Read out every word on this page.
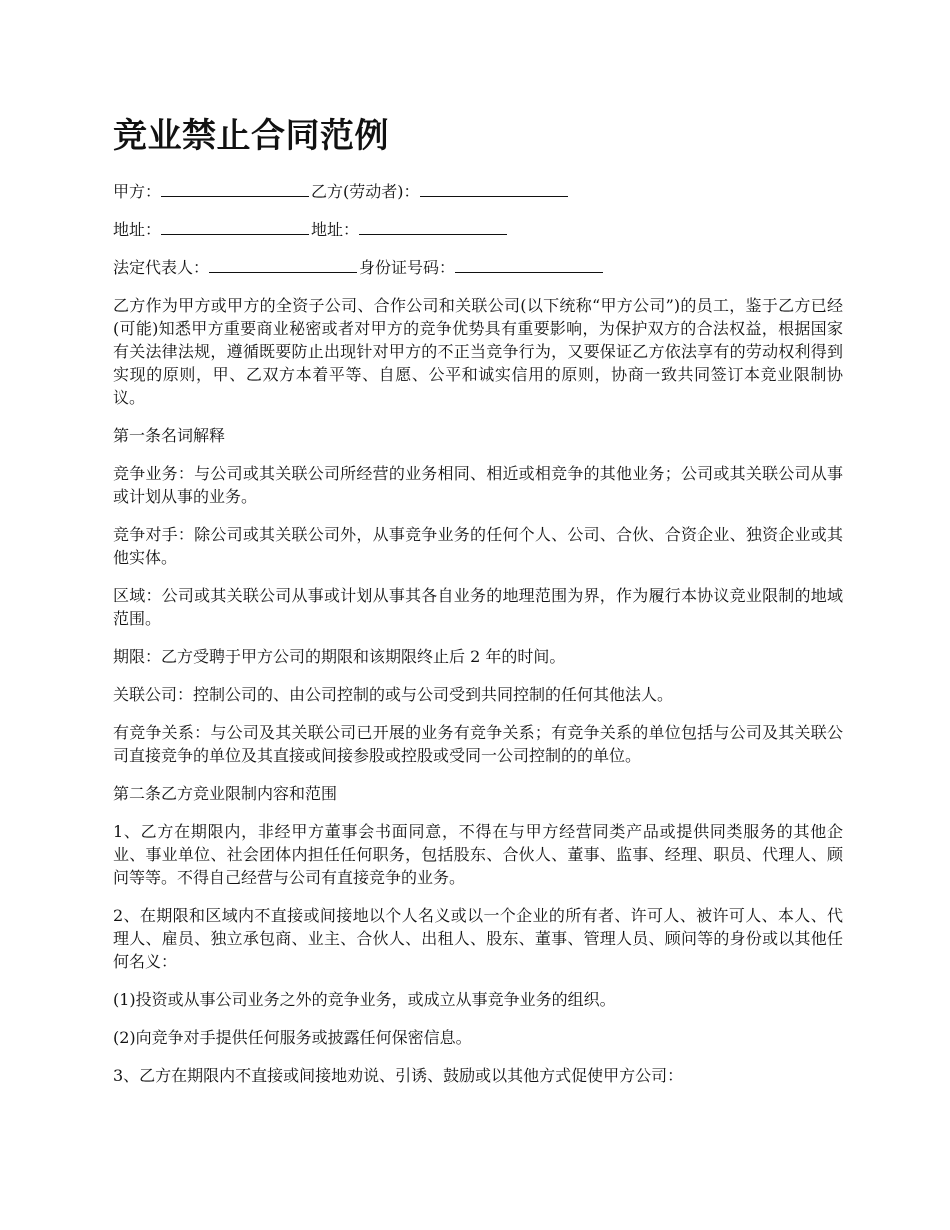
竞业禁止合同范例
甲方：	乙方(劳动者)：
地址：	地址：
法定代表人：	身份证号码：

乙方作为甲方或甲方的全资子公司、合作公司和关联公司(以下统称“甲方公司”)的员工，鉴于乙方已经(可能)知悉甲方重要商业秘密或者对甲方的竞争优势具有重要影响，为保护双方的合法权益，根据国家有关法律法规，遵循既要防止出现针对甲方的不正当竞争行为，又要保证乙方依法享有的劳动权利得到实现的原则，甲、乙双方本着平等、自愿、公平和诚实信用的原则，协商一致共同签订本竞业限制协议。

第一条名词解释

竞争业务：与公司或其关联公司所经营的业务相同、相近或相竞争的其他业务；公司或其关联公司从事或计划从事的业务。

竞争对手：除公司或其关联公司外，从事竞争业务的任何个人、公司、合伙、合资企业、独资企业或其他实体。

区域：公司或其关联公司从事或计划从事其各自业务的地理范围为界，作为履行本协议竞业限制的地域范围。

期限：乙方受聘于甲方公司的期限和该期限终止后 2 年的时间。

关联公司：控制公司的、由公司控制的或与公司受到共同控制的任何其他法人。

有竞争关系：与公司及其关联公司已开展的业务有竞争关系；有竞争关系的单位包括与公司及其关联公司直接竞争的单位及其直接或间接参股或控股或受同一公司控制的的单位。

第二条乙方竞业限制内容和范围

1、乙方在期限内，非经甲方董事会书面同意，不得在与甲方经营同类产品或提供同类服务的其他企业、事业单位、社会团体内担任任何职务，包括股东、合伙人、董事、监事、经理、职员、代理人、顾问等等。不得自己经营与公司有直接竞争的业务。

2、在期限和区域内不直接或间接地以个人名义或以一个企业的所有者、许可人、被许可人、本人、代理人、雇员、独立承包商、业主、合伙人、出租人、股东、董事、管理人员、顾问等的身份或以其他任何名义：

(1)投资或从事公司业务之外的竞争业务，或成立从事竞争业务的组织。

(2)向竞争对手提供任何服务或披露任何保密信息。

3、乙方在期限内不直接或间接地劝说、引诱、鼓励或以其他方式促使甲方公司：
